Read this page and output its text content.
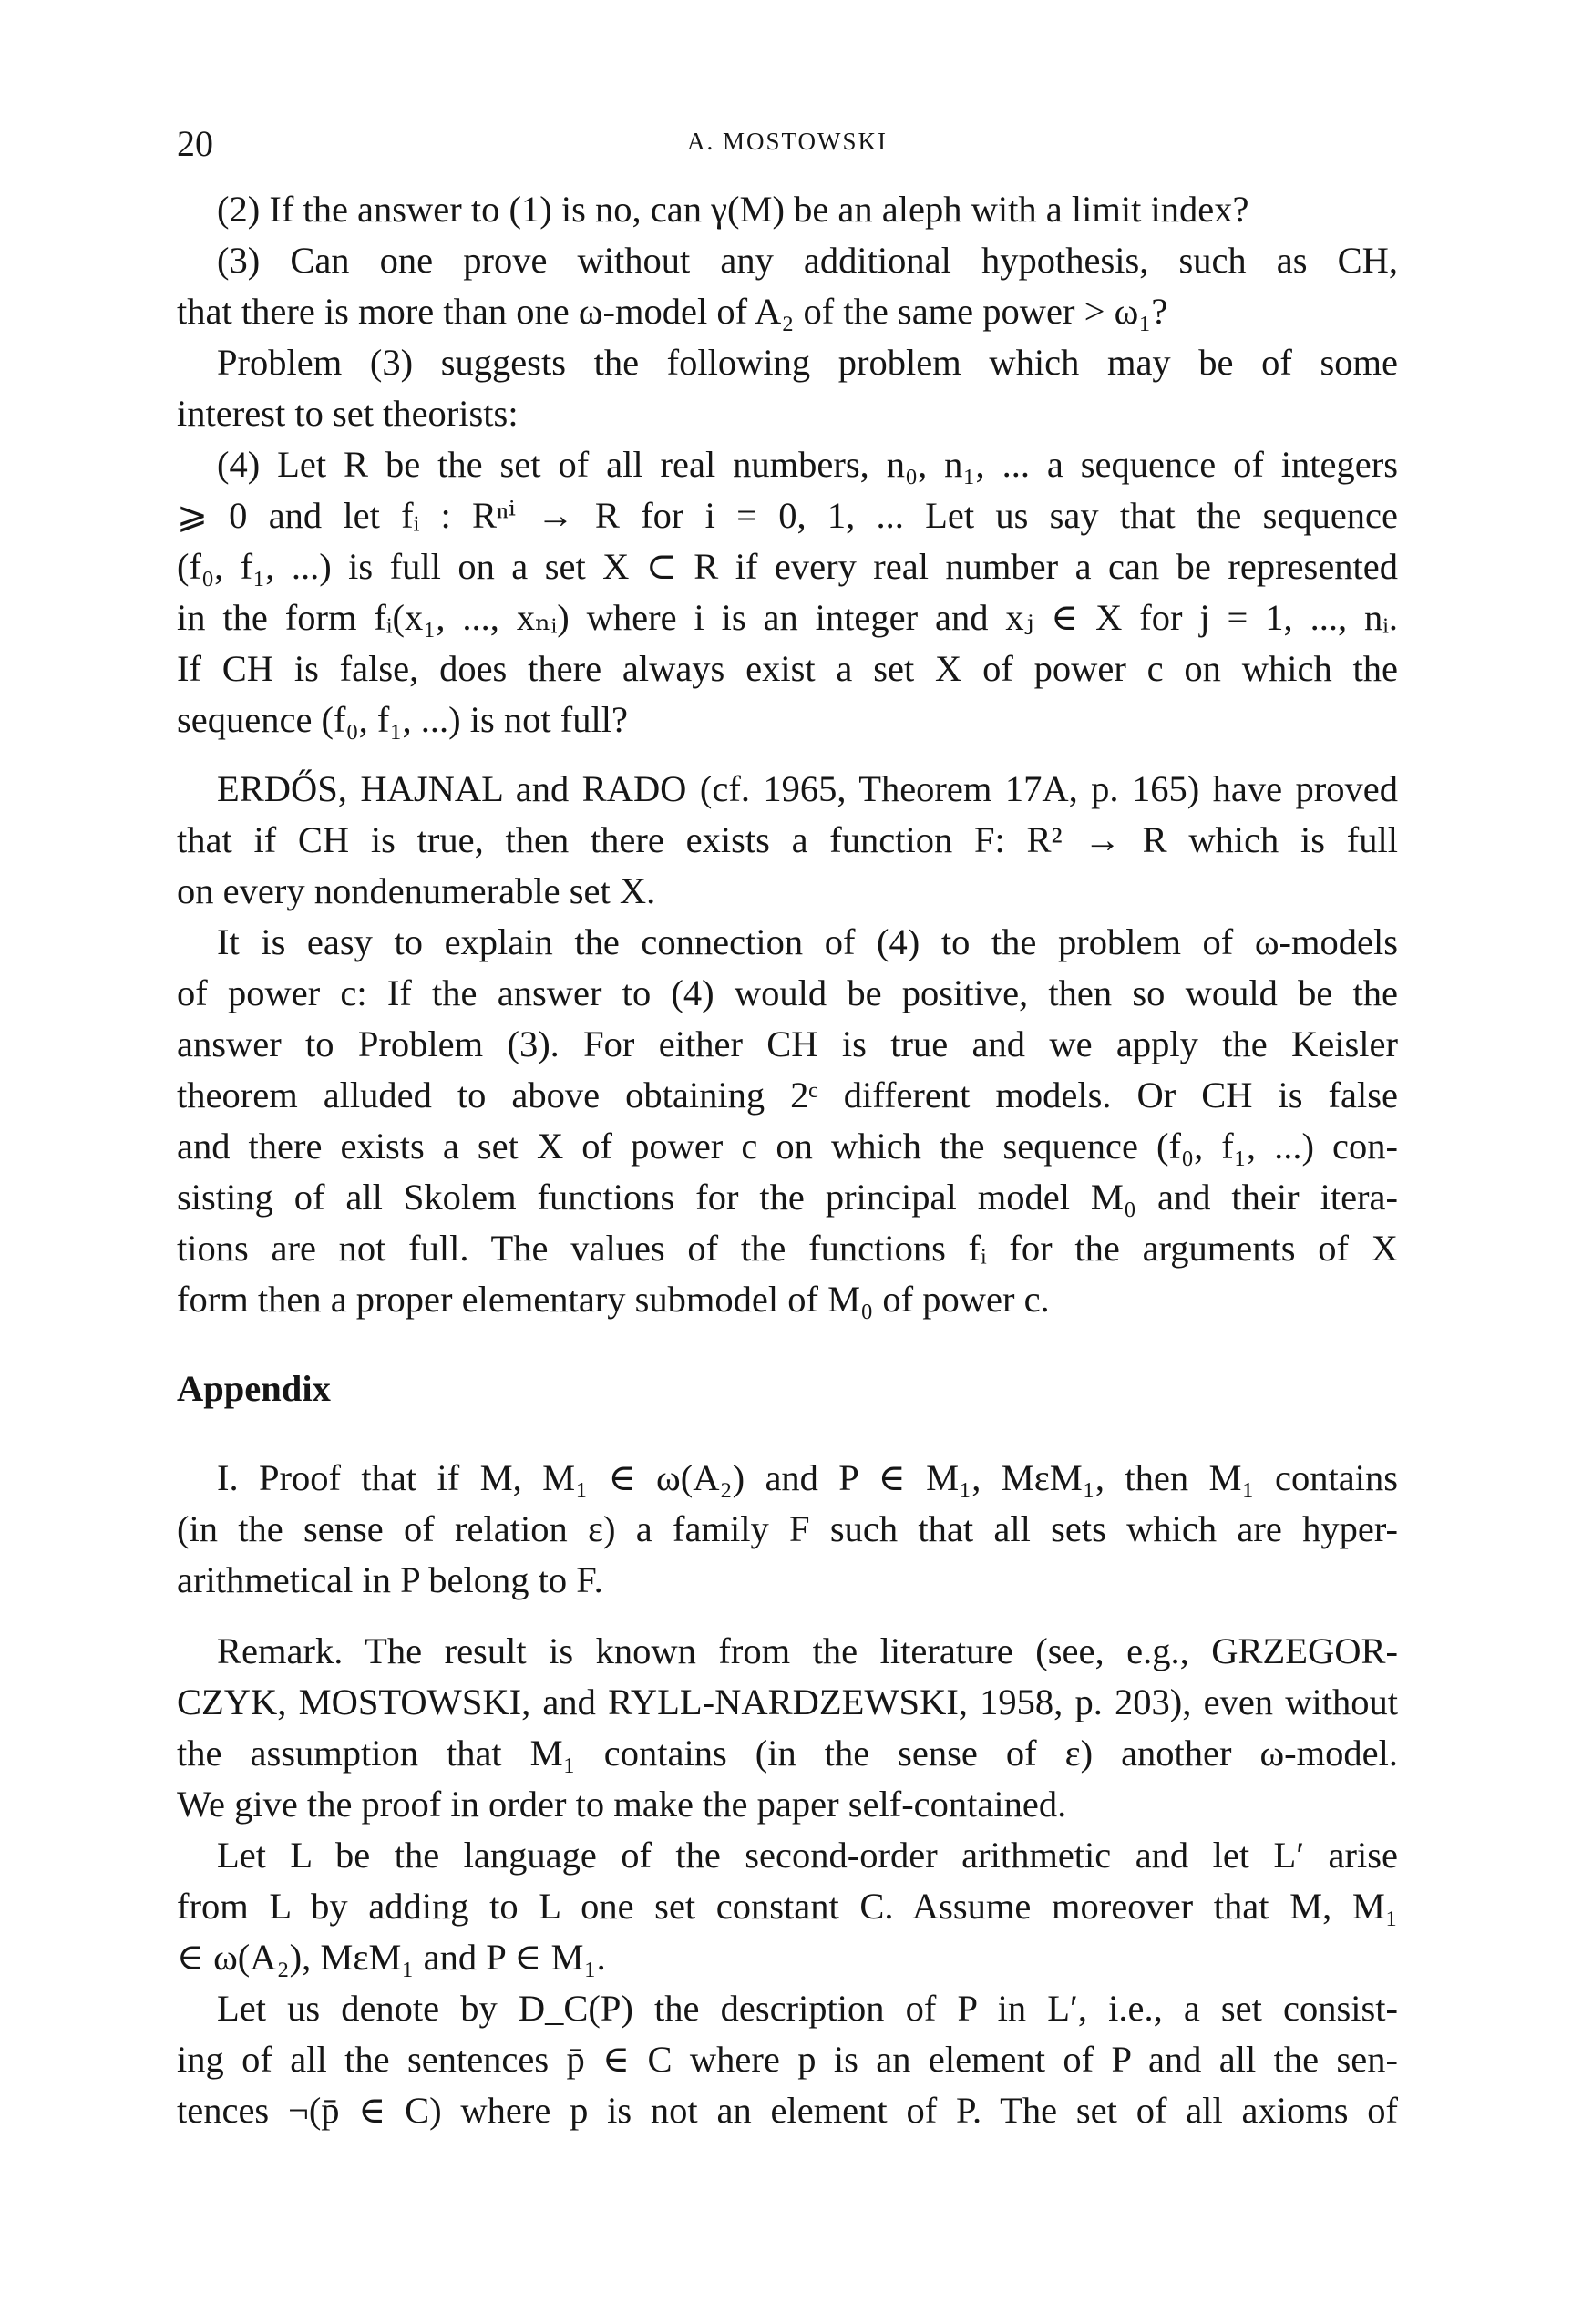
20	A. MOSTOWSKI
(2) If the answer to (1) is no, can γ(M) be an aleph with a limit index?
(3) Can one prove without any additional hypothesis, such as CH,
that there is more than one ω-model of A₂ of the same power > ω₁?
Problem (3) suggests the following problem which may be of some
interest to set theorists:
(4) Let R be the set of all real numbers, n₀, n₁, ... a sequence of integers
⩾ 0 and let fᵢ : Rⁿⁱ → R for i = 0, 1, ... Let us say that the sequence
(f₀, f₁, ...) is full on a set X ⊂ R if every real number a can be represented
in the form fᵢ(x₁, ..., xₙᵢ) where i is an integer and xⱼ ∈ X for j = 1, ..., nᵢ.
If CH is false, does there always exist a set X of power c on which the
sequence (f₀, f₁, ...) is not full?
ERDŐS, HAJNAL and RADO (cf. 1965, Theorem 17A, p. 165) have proved
that if CH is true, then there exists a function F: R² → R which is full
on every nondenumerable set X.
It is easy to explain the connection of (4) to the problem of ω-models
of power c: If the answer to (4) would be positive, then so would be the
answer to Problem (3). For either CH is true and we apply the Keisler
theorem alluded to above obtaining 2ᶜ different models. Or CH is false
and there exists a set X of power c on which the sequence (f₀, f₁, ...) con-
sisting of all Skolem functions for the principal model M₀ and their itera-
tions are not full. The values of the functions fᵢ for the arguments of X
form then a proper elementary submodel of M₀ of power c.
Appendix
I. Proof that if M, M₁ ∈ ω(A₂) and P ∈ M₁, MεM₁, then M₁ contains
(in the sense of relation ε) a family F such that all sets which are hyper-
arithmetical in P belong to F.
Remark. The result is known from the literature (see, e.g., GRZEGOR-
CZYK, MOSTOWSKI, and RYLL-NARDZEWSKI, 1958, p. 203), even without
the assumption that M₁ contains (in the sense of ε) another ω-model.
We give the proof in order to make the paper self-contained.
Let L be the language of the second-order arithmetic and let L′ arise
from L by adding to L one set constant C. Assume moreover that M, M₁
∈ ω(A₂), MεM₁ and P ∈ M₁.
Let us denote by D_C(P) the description of P in L′, i.e., a set consist-
ing of all the sentences p̄ ∈ C where p is an element of P and all the sen-
tences ¬(p̄ ∈ C) where p is not an element of P. The set of all axioms of
